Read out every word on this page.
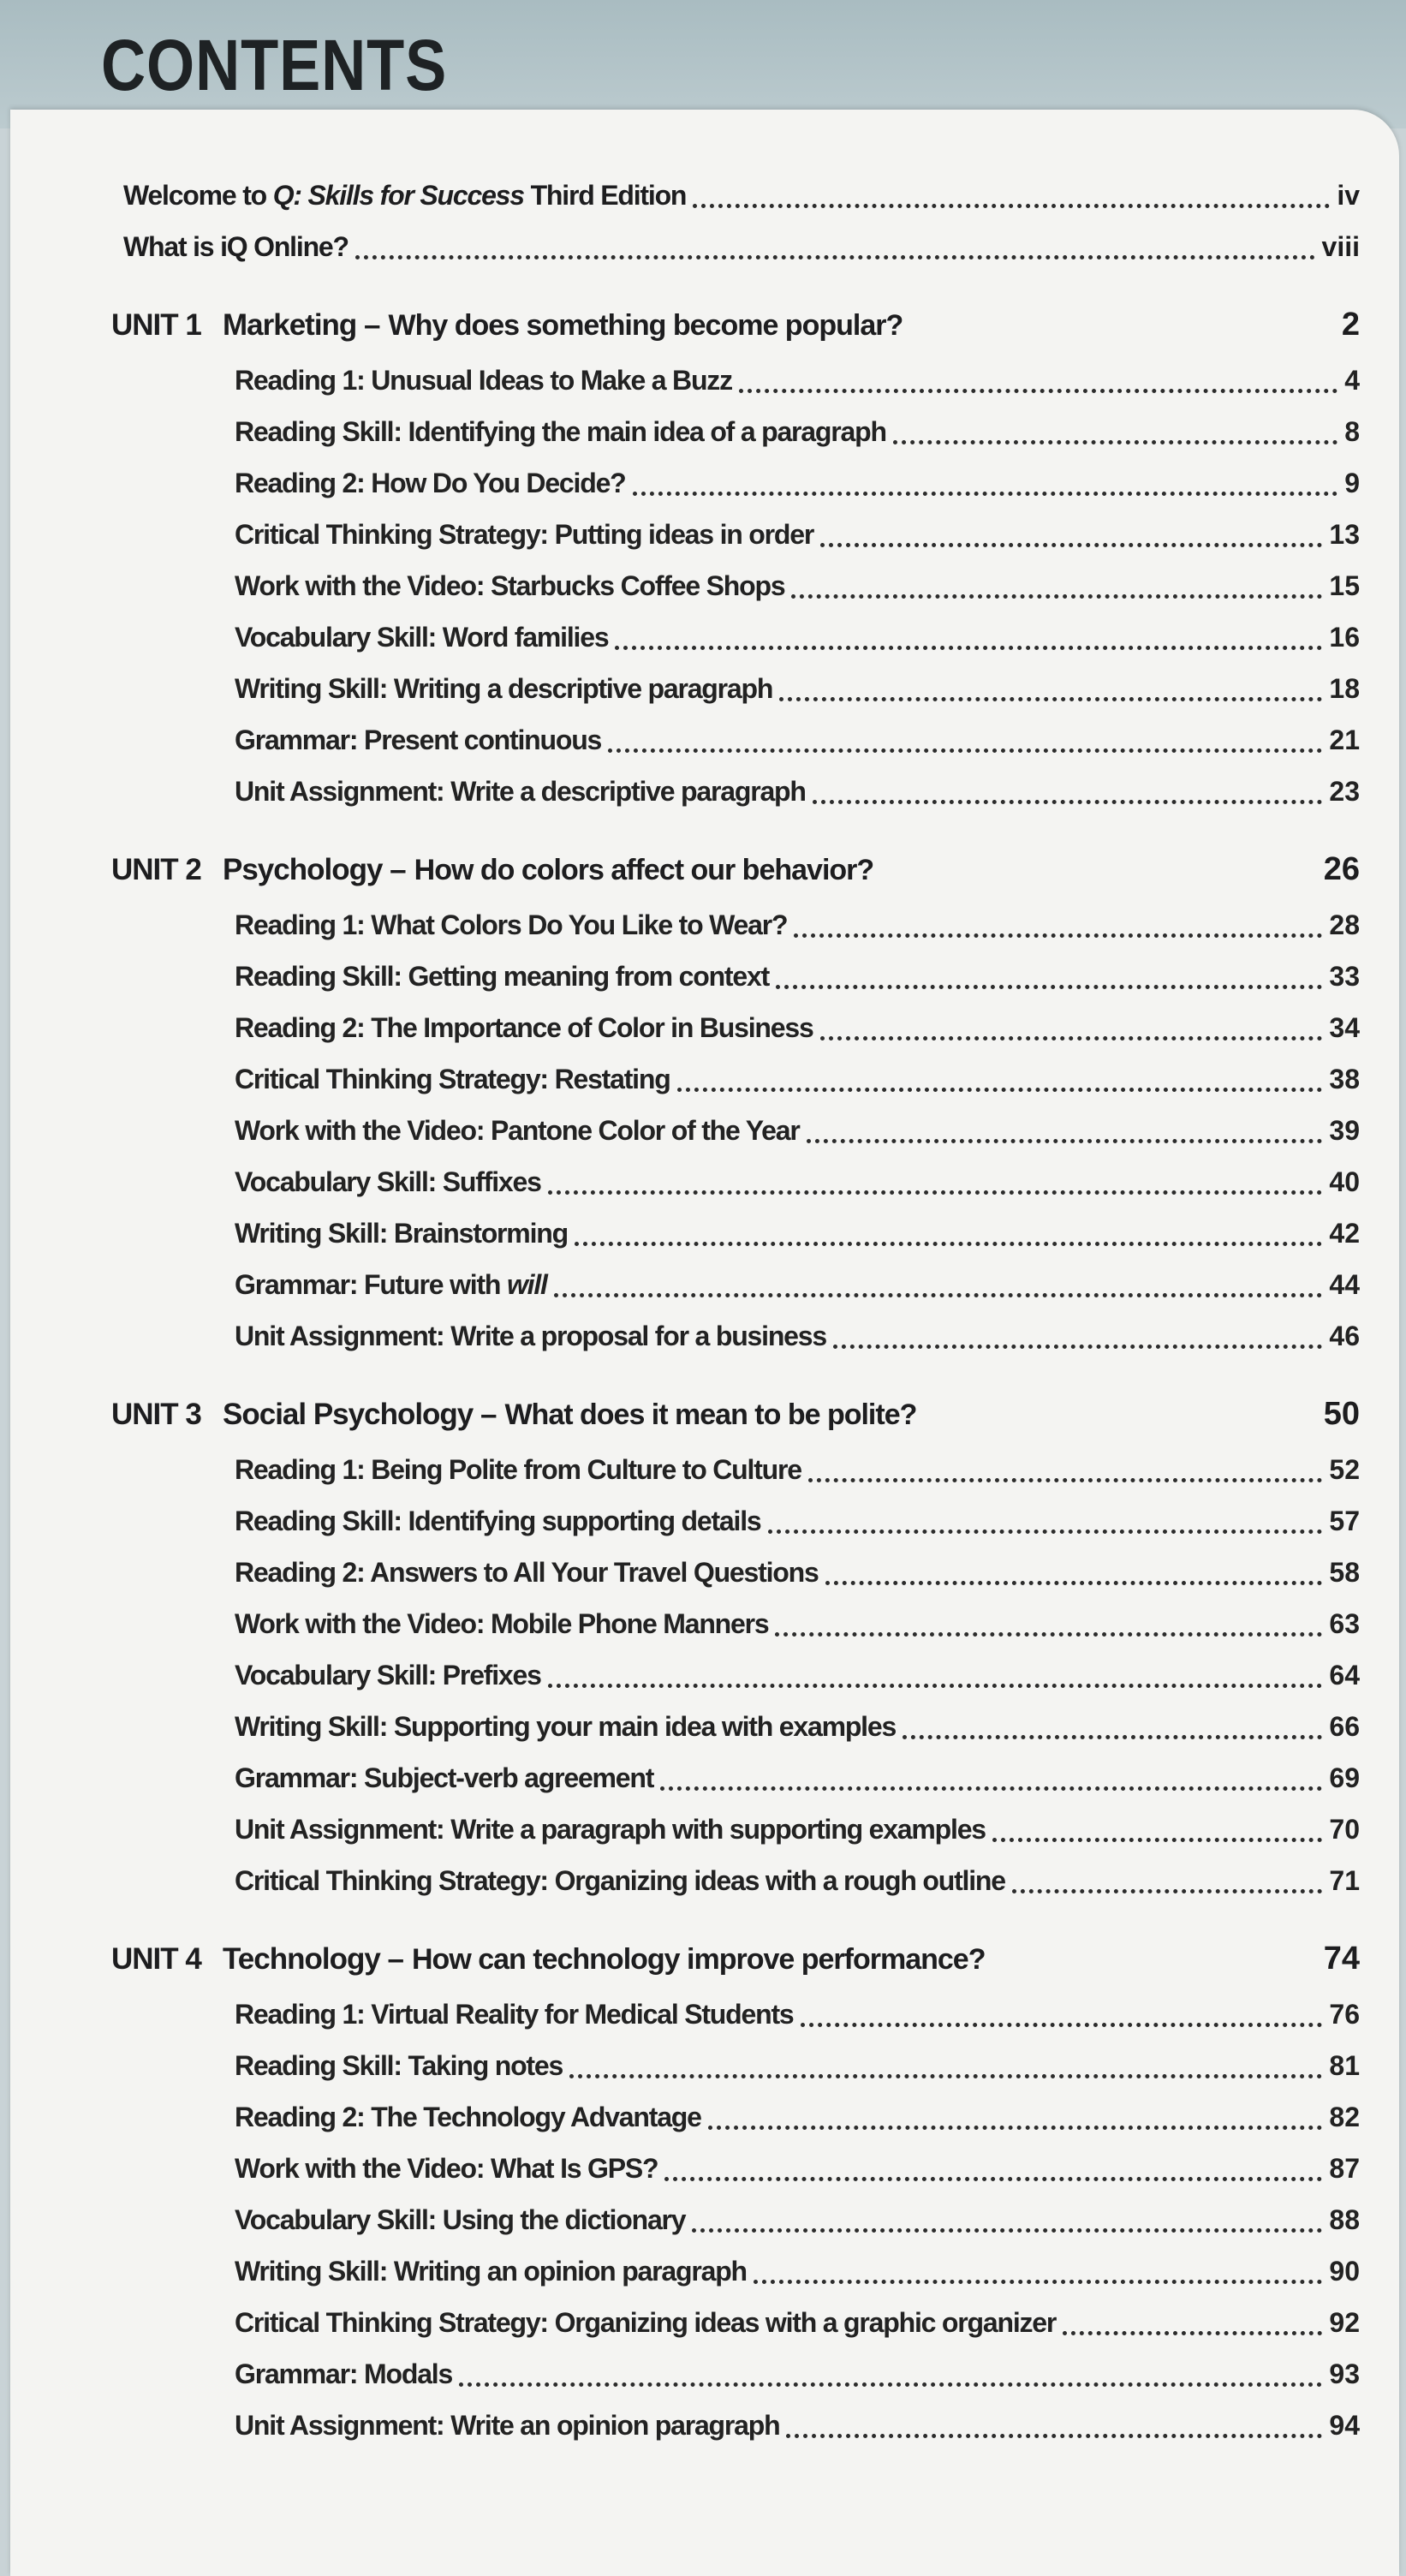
CONTENTS
Welcome to Q: Skills for Success Third Edition	iv
What is iQ Online?	viii
UNIT 1 Marketing – Why does something become popular?	2
Reading 1: Unusual Ideas to Make a Buzz	4
Reading Skill: Identifying the main idea of a paragraph	8
Reading 2: How Do You Decide?	9
Critical Thinking Strategy: Putting ideas in order	13
Work with the Video: Starbucks Coffee Shops	15
Vocabulary Skill: Word families	16
Writing Skill: Writing a descriptive paragraph	18
Grammar: Present continuous	21
Unit Assignment: Write a descriptive paragraph	23
UNIT 2 Psychology – How do colors affect our behavior?	26
Reading 1: What Colors Do You Like to Wear?	28
Reading Skill: Getting meaning from context	33
Reading 2: The Importance of Color in Business	34
Critical Thinking Strategy: Restating	38
Work with the Video: Pantone Color of the Year	39
Vocabulary Skill: Suffixes	40
Writing Skill: Brainstorming	42
Grammar: Future with will	44
Unit Assignment: Write a proposal for a business	46
UNIT 3 Social Psychology – What does it mean to be polite?	50
Reading 1: Being Polite from Culture to Culture	52
Reading Skill: Identifying supporting details	57
Reading 2: Answers to All Your Travel Questions	58
Work with the Video: Mobile Phone Manners	63
Vocabulary Skill: Prefixes	64
Writing Skill: Supporting your main idea with examples	66
Grammar: Subject-verb agreement	69
Unit Assignment: Write a paragraph with supporting examples	70
Critical Thinking Strategy: Organizing ideas with a rough outline	71
UNIT 4 Technology – How can technology improve performance?	74
Reading 1: Virtual Reality for Medical Students	76
Reading Skill: Taking notes	81
Reading 2: The Technology Advantage	82
Work with the Video: What Is GPS?	87
Vocabulary Skill: Using the dictionary	88
Writing Skill: Writing an opinion paragraph	90
Critical Thinking Strategy: Organizing ideas with a graphic organizer	92
Grammar: Modals	93
Unit Assignment: Write an opinion paragraph	94
